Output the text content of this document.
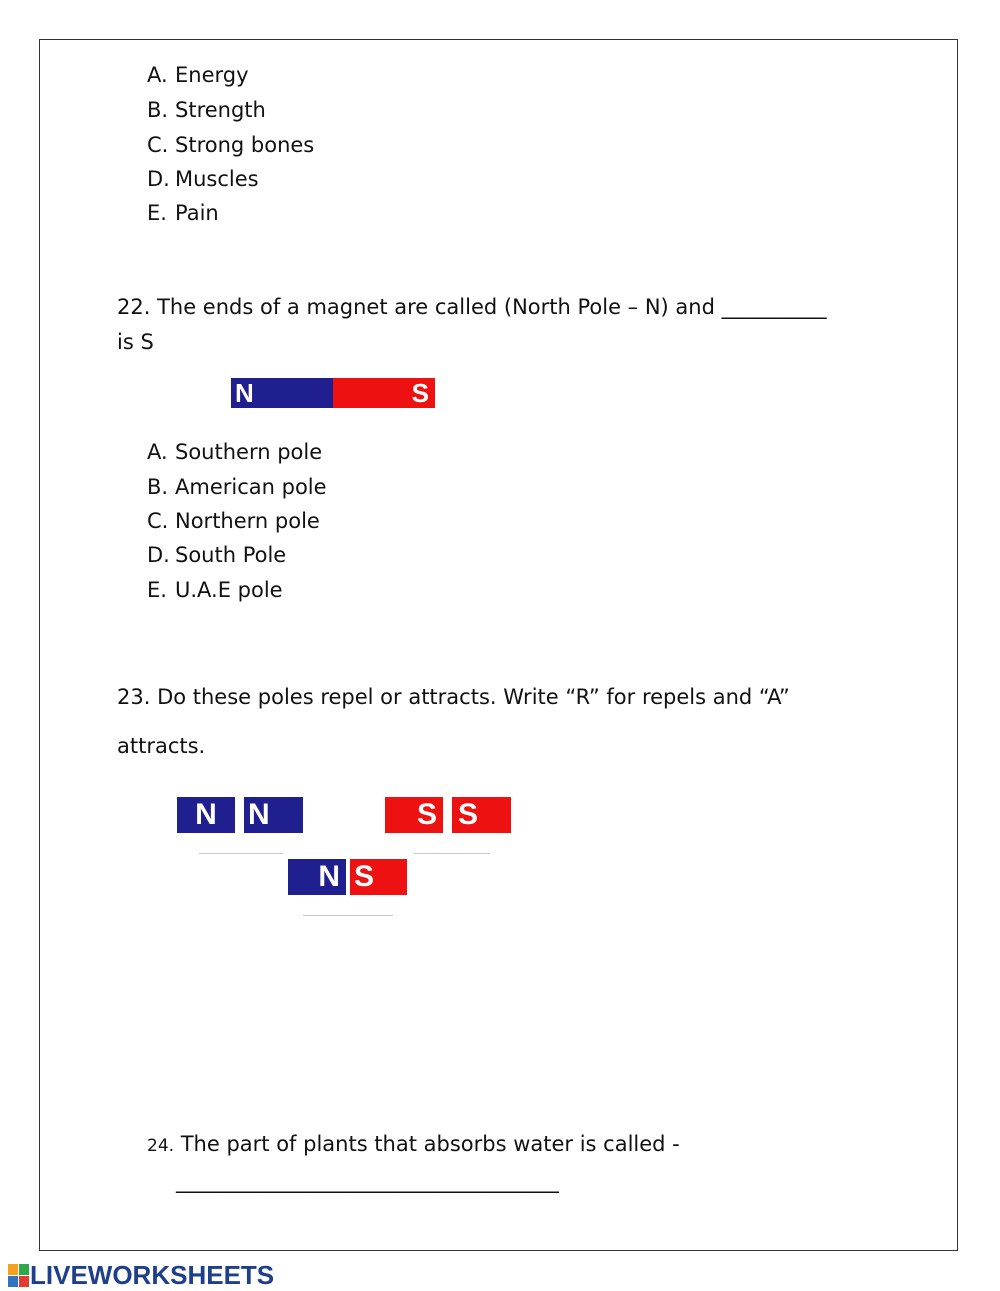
A. Energy
B. Strength
C. Strong bones
D. Muscles
E. Pain
22. The ends of a magnet are called (North Pole – N) and __________
is S
N	S
A. Southern pole
B. American pole
C. Northern pole
D. South Pole
E. U.A.E pole
23. Do these poles repel or attracts. Write “R” for repels and “A”
attracts.
N	N	S S
N S
24. The part of plants that absorbs water is called -
_______________________________________
LIVEWORKSHEETS
